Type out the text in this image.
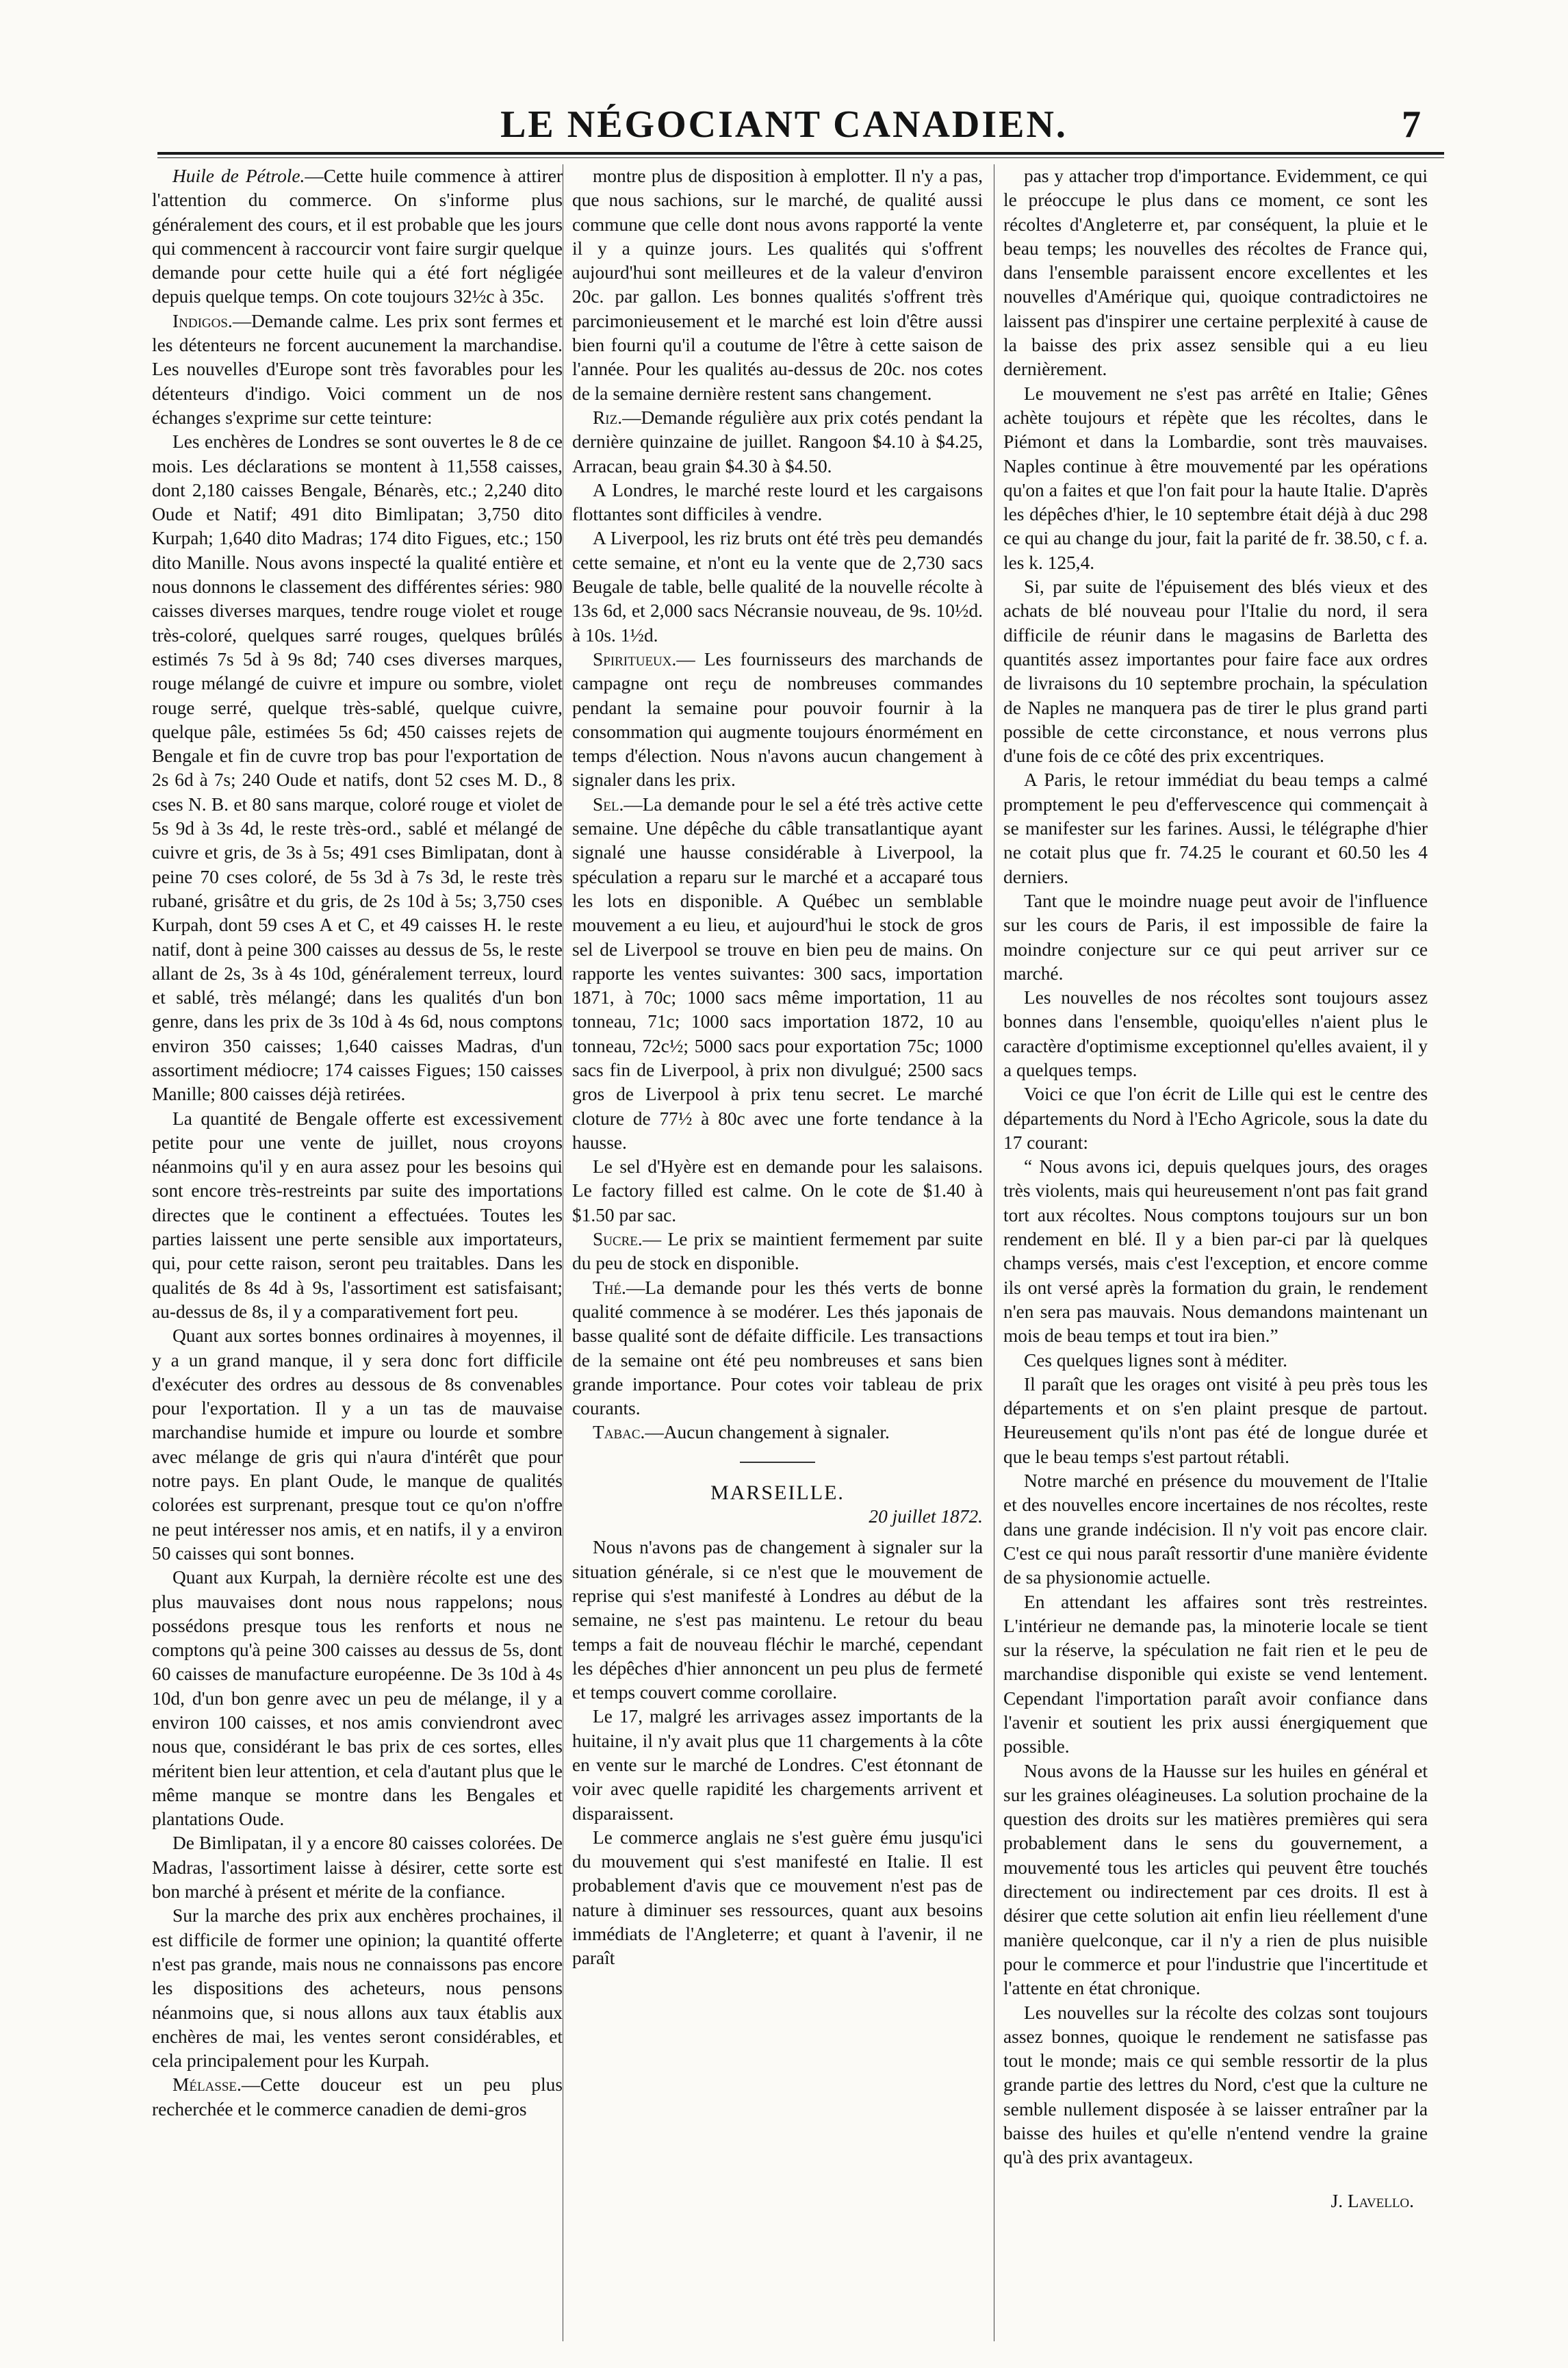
LE NÉGOCIANT CANADIEN.	7

Huile de Pétrole.—Cette huile commence à attirer l'attention du commerce. On s'informe plus généralement des cours, et il est probable que les jours qui commencent à raccourcir vont faire surgir quelque demande pour cette huile qui a été fort négligée depuis quelque temps. On cote toujours 32½c à 35c.

Indigos.—Demande calme. Les prix sont fermes et les détenteurs ne forcent aucunement la marchandise. Les nouvelles d'Europe sont très favorables pour les détenteurs d'indigo. Voici comment un de nos échanges s'exprime sur cette teinture:

Les enchères de Londres se sont ouvertes le 8 de ce mois. Les déclarations se montent à 11,558 caisses, dont 2,180 caisses Bengale, Bénarès, etc.; 2,240 dito Oude et Natif; 491 dito Bimlipatan; 3,750 dito Kurpah; 1,640 dito Madras; 174 dito Figues, etc.; 150 dito Manille. Nous avons inspecté la qualité entière et nous donnons le classement des différentes séries: 980 caisses diverses marques, tendre rouge violet et rouge très-coloré, quelques sarré rouges, quelques brûlés estimés 7s 5d à 9s 8d; 740 cses diverses marques, rouge mélangé de cuivre et impure ou sombre, violet rouge serré, quelque très-sablé, quelque cuivre, quelque pâle, estimées 5s 6d; 450 caisses rejets de Bengale et fin de cuvre trop bas pour l'exportation de 2s 6d à 7s; 240 Oude et natifs, dont 52 cses M. D., 8 cses N. B. et 80 sans marque, coloré rouge et violet de 5s 9d à 3s 4d, le reste très-ord., sablé et mélangé de cuivre et gris, de 3s à 5s; 491 cses Bimlipatan, dont à peine 70 cses coloré, de 5s 3d à 7s 3d, le reste très rubané, grisâtre et du gris, de 2s 10d à 5s; 3,750 cses Kurpah, dont 59 cses A et C, et 49 caisses H. le reste natif, dont à peine 300 caisses au dessus de 5s, le reste allant de 2s, 3s à 4s 10d, généralement terreux, lourd et sablé, très mélangé; dans les qualités d'un bon genre, dans les prix de 3s 10d à 4s 6d, nous comptons environ 350 caisses; 1,640 caisses Madras, d'un assortiment médiocre; 174 caisses Figues; 150 caisses Manille; 800 caisses déjà retirées.

La quantité de Bengale offerte est excessivement petite pour une vente de juillet, nous croyons néanmoins qu'il y en aura assez pour les besoins qui sont encore très-restreints par suite des importations directes que le continent a effectuées. Toutes les parties laissent une perte sensible aux importateurs, qui, pour cette raison, seront peu traitables. Dans les qualités de 8s 4d à 9s, l'assortiment est satisfaisant; au-dessus de 8s, il y a comparativement fort peu.

Quant aux sortes bonnes ordinaires à moyennes, il y a un grand manque, il y sera donc fort difficile d'exécuter des ordres au dessous de 8s convenables pour l'exportation. Il y a un tas de mauvaise marchandise humide et impure ou lourde et sombre avec mélange de gris qui n'aura d'intérêt que pour notre pays. En plant Oude, le manque de qualités colorées est surprenant, presque tout ce qu'on n'offre ne peut intéresser nos amis, et en natifs, il y a environ 50 caisses qui sont bonnes.

Quant aux Kurpah, la dernière récolte est une des plus mauvaises dont nous nous rappelons; nous possédons presque tous les renforts et nous ne comptons qu'à peine 300 caisses au dessus de 5s, dont 60 caisses de manufacture européenne. De 3s 10d à 4s 10d, d'un bon genre avec un peu de mélange, il y a environ 100 caisses, et nos amis conviendront avec nous que, considérant le bas prix de ces sortes, elles méritent bien leur attention, et cela d'autant plus que le même manque se montre dans les Bengales et plantations Oude.

De Bimlipatan, il y a encore 80 caisses colorées. De Madras, l'assortiment laisse à désirer, cette sorte est bon marché à présent et mérite de la confiance.

Sur la marche des prix aux enchères prochaines, il est difficile de former une opinion; la quantité offerte n'est pas grande, mais nous ne connaissons pas encore les dispositions des acheteurs, nous pensons néanmoins que, si nous allons aux taux établis aux enchères de mai, les ventes seront considérables, et cela principalement pour les Kurpah.

Mélasse.—Cette douceur est un peu plus recherchée et le commerce canadien de demi-gros

montre plus de disposition à emplotter. Il n'y a pas, que nous sachions, sur le marché, de qualité aussi commune que celle dont nous avons rapporté la vente il y a quinze jours. Les qualités qui s'offrent aujourd'hui sont meilleures et de la valeur d'environ 20c. par gallon. Les bonnes qualités s'offrent très parcimonieusement et le marché est loin d'être aussi bien fourni qu'il a coutume de l'être à cette saison de l'année. Pour les qualités au-dessus de 20c. nos cotes de la semaine dernière restent sans changement.

Riz.—Demande régulière aux prix cotés pendant la dernière quinzaine de juillet. Rangoon $4.10 à $4.25, Arracan, beau grain $4.30 à $4.50.

A Londres, le marché reste lourd et les cargaisons flottantes sont difficiles à vendre.

A Liverpool, les riz bruts ont été très peu demandés cette semaine, et n'ont eu la vente que de 2,730 sacs Beugale de table, belle qualité de la nouvelle récolte à 13s 6d, et 2,000 sacs Nécransie nouveau, de 9s. 10½d. à 10s. 1½d.

Spiritueux.— Les fournisseurs des marchands de campagne ont reçu de nombreuses commandes pendant la semaine pour pouvoir fournir à la consommation qui augmente toujours énormément en temps d'élection. Nous n'avons aucun changement à signaler dans les prix.

Sel.—La demande pour le sel a été très active cette semaine. Une dépêche du câble transatlantique ayant signalé une hausse considérable à Liverpool, la spéculation a reparu sur le marché et a accaparé tous les lots en disponible. A Québec un semblable mouvement a eu lieu, et aujourd'hui le stock de gros sel de Liverpool se trouve en bien peu de mains. On rapporte les ventes suivantes: 300 sacs, importation 1871, à 70c; 1000 sacs même importation, 11 au tonneau, 71c; 1000 sacs importation 1872, 10 au tonneau, 72c½; 5000 sacs pour exportation 75c; 1000 sacs fin de Liverpool, à prix non divulgué; 2500 sacs gros de Liverpool à prix tenu secret. Le marché cloture de 77½ à 80c avec une forte tendance à la hausse.

Le sel d'Hyère est en demande pour les salaisons. Le factory filled est calme. On le cote de $1.40 à $1.50 par sac.

Sucre.— Le prix se maintient fermement par suite du peu de stock en disponible.

Thé.—La demande pour les thés verts de bonne qualité commence à se modérer. Les thés japonais de basse qualité sont de défaite difficile. Les transactions de la semaine ont été peu nombreuses et sans bien grande importance. Pour cotes voir tableau de prix courants.

Tabac.—Aucun changement à signaler.

MARSEILLE.
20 juillet 1872.

Nous n'avons pas de changement à signaler sur la situation générale, si ce n'est que le mouvement de reprise qui s'est manifesté à Londres au début de la semaine, ne s'est pas maintenu. Le retour du beau temps a fait de nouveau fléchir le marché, cependant les dépêches d'hier annoncent un peu plus de fermeté et temps couvert comme corollaire.

Le 17, malgré les arrivages assez importants de la huitaine, il n'y avait plus que 11 chargements à la côte en vente sur le marché de Londres. C'est étonnant de voir avec quelle rapidité les chargements arrivent et disparaissent.

Le commerce anglais ne s'est guère ému jusqu'ici du mouvement qui s'est manifesté en Italie. Il est probablement d'avis que ce mouvement n'est pas de nature à diminuer ses ressources, quant aux besoins immédiats de l'Angleterre; et quant à l'avenir, il ne paraît

pas y attacher trop d'importance. Evidemment, ce qui le préoccupe le plus dans ce moment, ce sont les récoltes d'Angleterre et, par conséquent, la pluie et le beau temps; les nouvelles des récoltes de France qui, dans l'ensemble paraissent encore excellentes et les nouvelles d'Amérique qui, quoique contradictoires ne laissent pas d'inspirer une certaine perplexité à cause de la baisse des prix assez sensible qui a eu lieu dernièrement.

Le mouvement ne s'est pas arrêté en Italie; Gênes achète toujours et répète que les récoltes, dans le Piémont et dans la Lombardie, sont très mauvaises. Naples continue à être mouvementé par les opérations qu'on a faites et que l'on fait pour la haute Italie. D'après les dépêches d'hier, le 10 septembre était déjà à duc 298 ce qui au change du jour, fait la parité de fr. 38.50, c f. a. les k. 125,4.

Si, par suite de l'épuisement des blés vieux et des achats de blé nouveau pour l'Italie du nord, il sera difficile de réunir dans le magasins de Barletta des quantités assez importantes pour faire face aux ordres de livraisons du 10 septembre prochain, la spéculation de Naples ne manquera pas de tirer le plus grand parti possible de cette circonstance, et nous verrons plus d'une fois de ce côté des prix excentriques.

A Paris, le retour immédiat du beau temps a calmé promptement le peu d'effervescence qui commençait à se manifester sur les farines. Aussi, le télégraphe d'hier ne cotait plus que fr. 74.25 le courant et 60.50 les 4 derniers.

Tant que le moindre nuage peut avoir de l'influence sur les cours de Paris, il est impossible de faire la moindre conjecture sur ce qui peut arriver sur ce marché.

Les nouvelles de nos récoltes sont toujours assez bonnes dans l'ensemble, quoiqu'elles n'aient plus le caractère d'optimisme exceptionnel qu'elles avaient, il y a quelques temps.

Voici ce que l'on écrit de Lille qui est le centre des départements du Nord à l'Echo Agricole, sous la date du 17 courant:

“ Nous avons ici, depuis quelques jours, des orages très violents, mais qui heureusement n'ont pas fait grand tort aux récoltes. Nous comptons toujours sur un bon rendement en blé. Il y a bien par-ci par là quelques champs versés, mais c'est l'exception, et encore comme ils ont versé après la formation du grain, le rendement n'en sera pas mauvais. Nous demandons maintenant un mois de beau temps et tout ira bien.”

Ces quelques lignes sont à méditer.

Il paraît que les orages ont visité à peu près tous les départements et on s'en plaint presque de partout. Heureusement qu'ils n'ont pas été de longue durée et que le beau temps s'est partout rétabli.

Notre marché en présence du mouvement de l'Italie et des nouvelles encore incertaines de nos récoltes, reste dans une grande indécision. Il n'y voit pas encore clair. C'est ce qui nous paraît ressortir d'une manière évidente de sa physionomie actuelle.

En attendant les affaires sont très restreintes. L'intérieur ne demande pas, la minoterie locale se tient sur la réserve, la spéculation ne fait rien et le peu de marchandise disponible qui existe se vend lentement. Cependant l'importation paraît avoir confiance dans l'avenir et soutient les prix aussi énergiquement que possible.

Nous avons de la Hausse sur les huiles en général et sur les graines oléagineuses. La solution prochaine de la question des droits sur les matières premières qui sera probablement dans le sens du gouvernement, a mouvementé tous les articles qui peuvent être touchés directement ou indirectement par ces droits. Il est à désirer que cette solution ait enfin lieu réellement d'une manière quelconque, car il n'y a rien de plus nuisible pour le commerce et pour l'industrie que l'incertitude et l'attente en état chronique.

Les nouvelles sur la récolte des colzas sont toujours assez bonnes, quoique le rendement ne satisfasse pas tout le monde; mais ce qui semble ressortir de la plus grande partie des lettres du Nord, c'est que la culture ne semble nullement disposée à se laisser entraîner par la baisse des huiles et qu'elle n'entend vendre la graine qu'à des prix avantageux.

J. Lavello.
